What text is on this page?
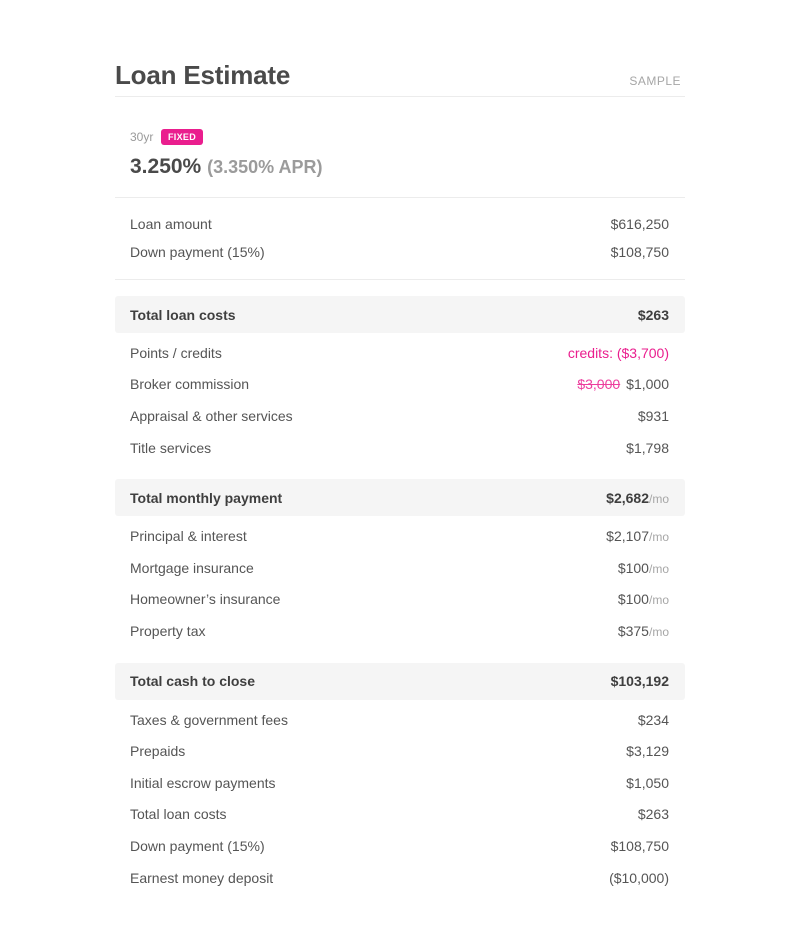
Loan Estimate	SAMPLE
30yr	FIXED
3.250% (3.350% APR)
Loan amount	$616,250
Down payment (15%)	$108,750
Total loan costs	$263
Points / credits	credits: ($3,700)
Broker commission	$3,000 $1,000
Appraisal & other services	$931
Title services	$1,798
Total monthly payment	$2,682/mo
Principal & interest	$2,107/mo
Mortgage insurance	$100/mo
Homeowner’s insurance	$100/mo
Property tax	$375/mo
Total cash to close	$103,192
Taxes & government fees	$234
Prepaids	$3,129
Initial escrow payments	$1,050
Total loan costs	$263
Down payment (15%)	$108,750
Earnest money deposit	($10,000)
